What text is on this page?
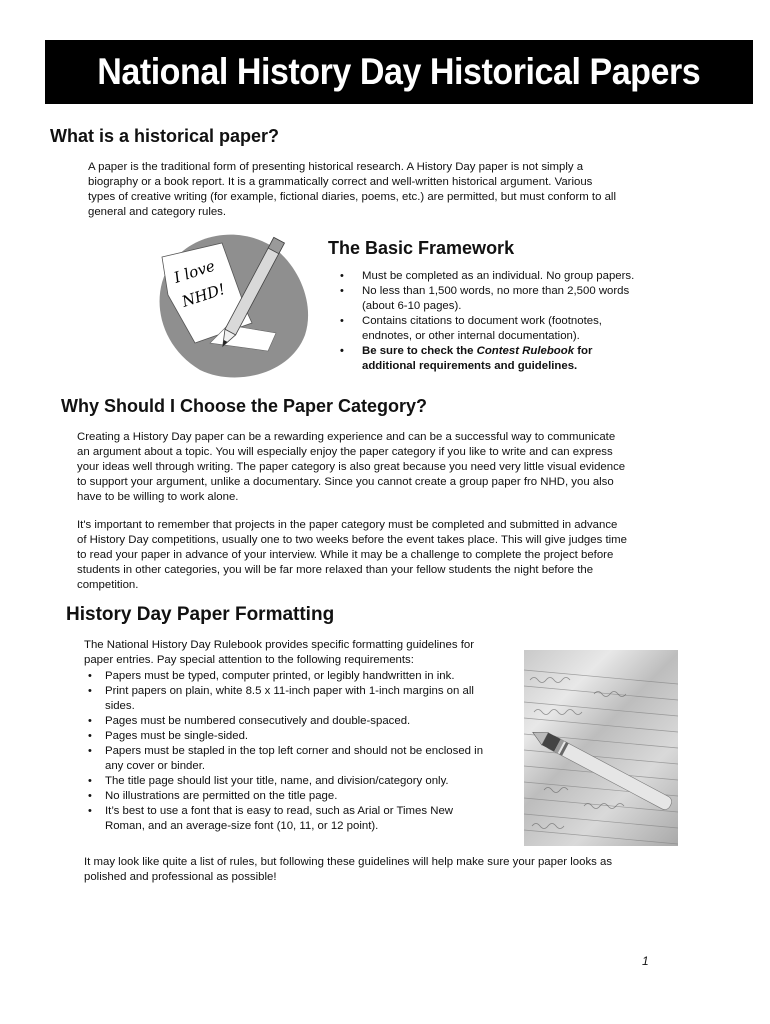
National History Day Historical Papers
What is a historical paper?

A paper is the traditional form of presenting historical research. A History Day paper is not simply a
biography or a book report. It is a grammatically correct and well-written historical argument. Various
types of creative writing (for example, fictional diaries, poems, etc.) are permitted, but must conform to all
general and category rules.

I love
NHD!
The Basic Framework
•	Must be completed as an individual. No group papers.
•	No less than 1,500 words, no more than 2,500 words
(about 6-10 pages).
•	Contains citations to document work (footnotes,
endnotes, or other internal documentation).
•	Be sure to check the Contest Rulebook for
additional requirements and guidelines.
Why Should I Choose the Paper Category?

Creating a History Day paper can be a rewarding experience and can be a successful way to communicate
an argument about a topic. You will especially enjoy the paper category if you like to write and can express
your ideas well through writing. The paper category is also great because you need very little visual evidence
to support your argument, unlike a documentary. Since you cannot create a group paper fro NHD, you also
have to be willing to work alone.

It's important to remember that projects in the paper category must be completed and submitted in advance
of History Day competitions, usually one to two weeks before the event takes place. This will give judges time
to read your paper in advance of your interview. While it may be a challenge to complete the project before
students in other categories, you will be far more relaxed than your fellow students the night before the
competition.

History Day Paper Formatting

The National History Day Rulebook provides specific formatting guidelines for
paper entries. Pay special attention to the following requirements:

•	Papers must be typed, computer printed, or legibly handwritten in ink.
•	Print papers on plain, white 8.5 x 11-inch paper with 1-inch margins on all
sides.
•	Pages must be numbered consecutively and double-spaced.
•	Pages must be single-sided.
•	Papers must be stapled in the top left corner and should not be enclosed in
any cover or binder.
•	The title page should list your title, name, and division/category only.
•	No illustrations are permitted on the title page.
•	It’s best to use a font that is easy to read, such as Arial or Times New
Roman, and an average-size font (10, 11, or 12 point).

It may look like quite a list of rules, but following these guidelines will help make sure your paper looks as
polished and professional as possible!

1
